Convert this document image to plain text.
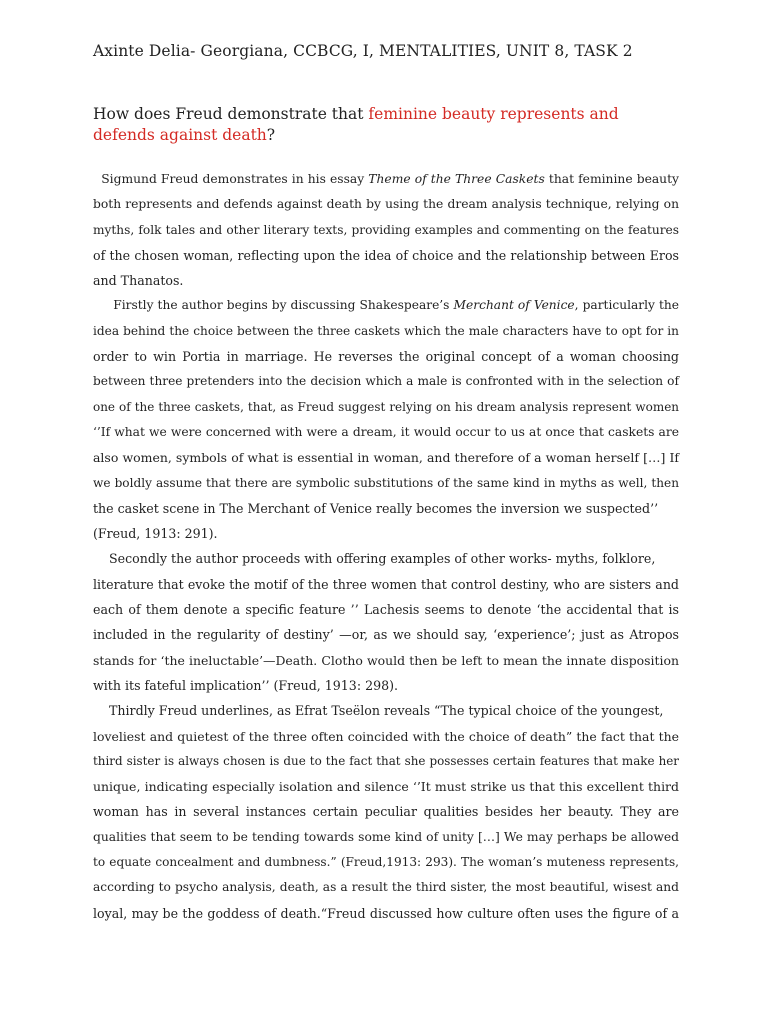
Axinte Delia- Georgiana, CCBCG, I, MENTALITIES, UNIT 8, TASK 2
How does Freud demonstrate that feminine beauty represents and defends against death?
Sigmund Freud demonstrates in his essay Theme of the Three Caskets that feminine beauty
both represents and defends against death by using the dream analysis technique, relying on
myths, folk tales and other literary texts, providing examples and commenting on the features
of the chosen woman, reflecting upon the idea of choice and the relationship between Eros
and Thanatos.
Firstly the author begins by discussing Shakespeare’s Merchant of Venice, particularly the
idea behind the choice between the three caskets which the male characters have to opt for in
order to win Portia in marriage. He reverses the original concept of a woman choosing
between three pretenders into the decision which a male is confronted with in the selection of
one of the three caskets, that, as Freud suggest relying on his dream analysis represent women
‘’If what we were concerned with were a dream, it would occur to us at once that caskets are
also women, symbols of what is essential in woman, and therefore of a woman herself […] If
we boldly assume that there are symbolic substitutions of the same kind in myths as well, then
the casket scene in The Merchant of Venice really becomes the inversion we suspected’’
(Freud, 1913: 291).
Secondly the author proceeds with offering examples of other works- myths, folklore,
literature that evoke the motif of the three women that control destiny, who are sisters and
each of them denote a specific feature ’’ Lachesis seems to denote ‘the accidental that is
included in the regularity of destiny’ —or, as we should say, ‘experience’; just as Atropos
stands for ‘the ineluctable’—Death. Clotho would then be left to mean the innate disposition
with its fateful implication’’ (Freud, 1913: 298).
Thirdly Freud underlines, as Efrat Tseëlon reveals “The typical choice of the youngest,
loveliest and quietest of the three often coincided with the choice of death” the fact that the
third sister is always chosen is due to the fact that she possesses certain features that make her
unique, indicating especially isolation and silence ‘’It must strike us that this excellent third
woman has in several instances certain peculiar qualities besides her beauty. They are
qualities that seem to be tending towards some kind of unity […] We may perhaps be allowed
to equate concealment and dumbness.” (Freud,1913: 293). The woman’s muteness represents,
according to psycho analysis, death, as a result the third sister, the most beautiful, wisest and
loyal, may be the goddess of death.“Freud discussed how culture often uses the figure of a
